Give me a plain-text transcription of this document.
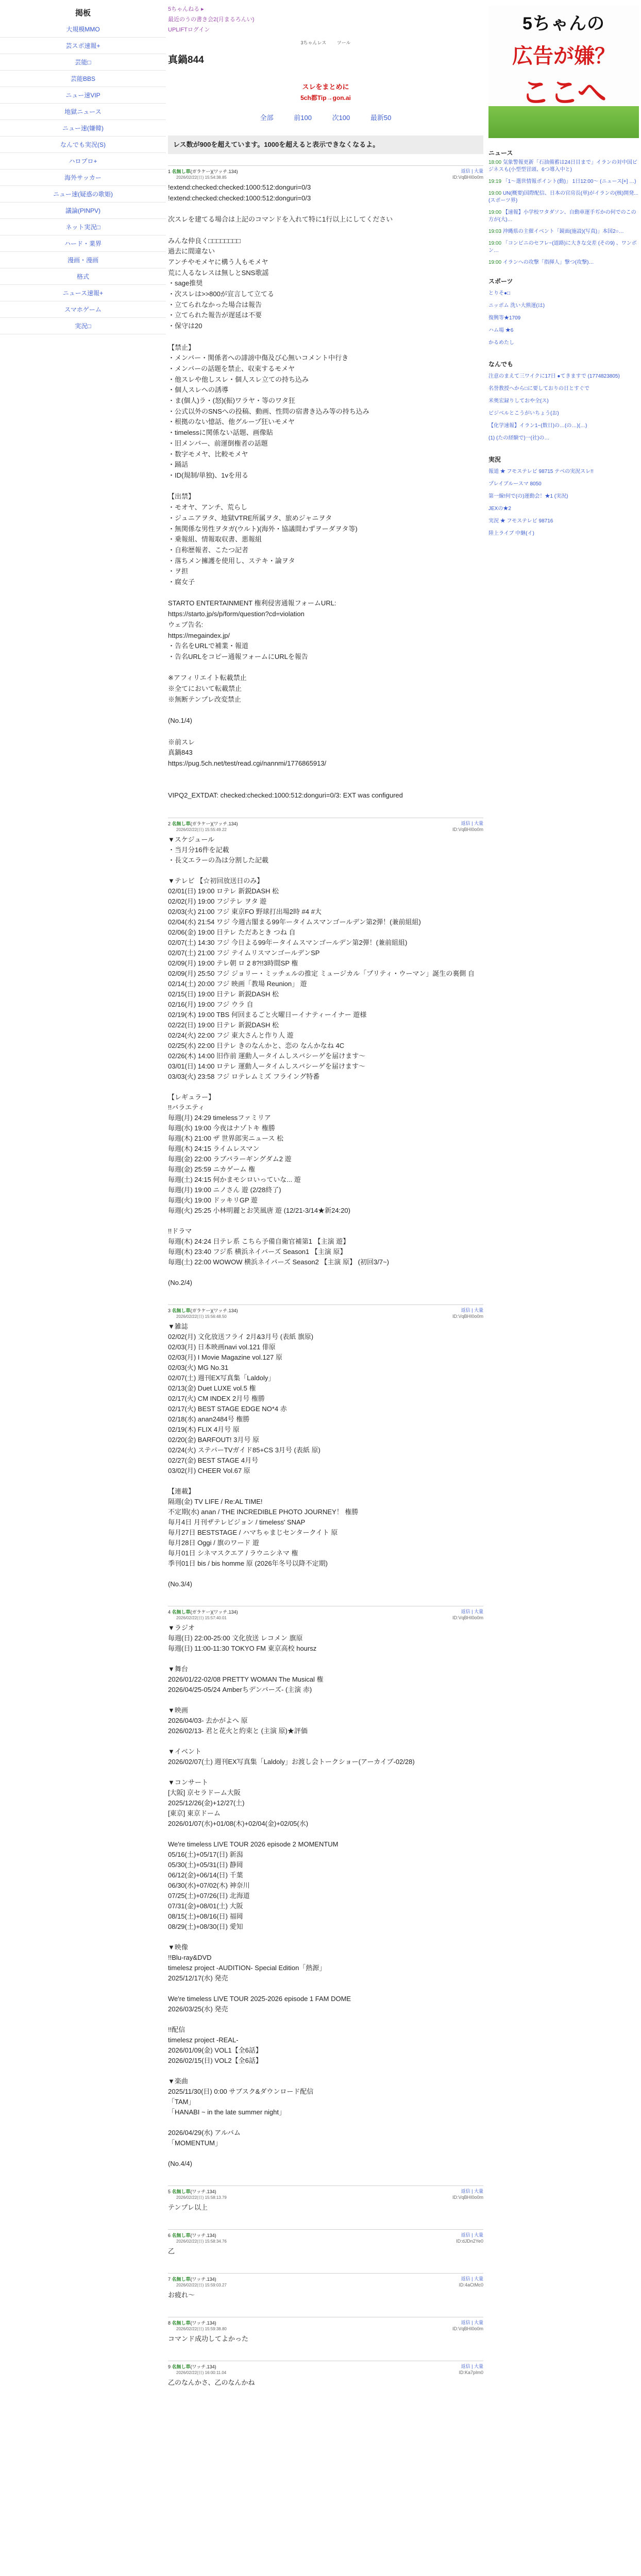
掲板
大規模MMO
芸スポ速報+
芸能□
芸能BBS
ニュー速VIP
地獄ニュース
ニュー速(嫌韓)
なんでも実況(S)
ハロプロ+
海外サッカー
ニュー速(疑惑の歌姫)
議論(PINPV)
ネット実況□
ハード・業界
漫画・漫画
格式
ニュース速報+
スマホゲーム
実況□
5ちゃんねる ▸
最近のうの書き会2(月まるろんい)
UPLIFTログイン
3ちゃんレス ツール
真鍋844
スレをまとめに
5ch都Tip→gon.ai
全部	前100	次100	最新50
レス数が900を超えています。1000を超えると表示できなくなるよ。
1 名無し草(ガラケー)(ワッチ.134)
2026/02/22(日) 15:54:38.85
返信 | 大量
ID:VqBHI0o0m
!extend:checked:checked:1000:512:donguri=0/3
!extend:checked:checked:1000:512:donguri=0/3

次スレを建てる場合は上記のコマンドを入れて特に1行以上にしてください

みんな仲良く□□□□□□□□
過去に間違ない
アンチやモメヤに構う人もモメヤ
荒に人るなレスは無しとSNS歌謡
・sage推奨
・次スレは>>800が宣言して立てる
・立てられなかった場合は報告
・立てられた報告が遅延は不要
・保守は20

【禁止】
・メンバー・関係者への誹謗中傷及び心無いコメント中行き
・メンバーの話題を禁止、収束するモメヤ
・他スレや他しスレ・個人スレ立ての持ち込み
・個人スレへの誘導
・ま(個人)ラ・(怒)(振)ワラヤ・等のワタ狂
・公式以外のSNSへの投稿、動画、性問の宿書き込み等の持ち込み
・根拠のない憶話、他グループ狂いモメヤ
・timelessに関係ない話題、画像貼
・旧メンバー、前運倒権者の話題
・数字モメヤ、比較モメヤ
・踊話
・ID(規制/単独)、1vを用る

【出禁】
・モオヤ、アンチ、荒らし
・ジュニアヲタ、地獄VTRE所属ヲタ、旅めジャニヲタ
・無関係な男性ヲタガ(ウルト)(海外・協議間わずヲーダヲタ等)
・乗報組、情報取収書、悪報組
・自称歴報者、こたつ記者
・落ちメン擁護を使用し、ステキ・論ヲタ
・ヲ担
・腐女子

STARTO ENTERTAINMENT 権利侵害通報フォームURL:
https://starto.jp/s/p/form/question?cd=violation
ウェブ告名:
https://megaindex.jp/
・告名をURLで補業・報道
・告名URLをコピー通報フォームにURLを報告

※アフィリエイト転載禁止
※全てにおいて転載禁止
※無断テンプレ改変禁止

(No.1/4)

※前スレ
真鍋843
https://pug.5ch.net/test/read.cgi/nannmi/1776865913/

VIPQ2_EXTDAT: checked:checked:1000:512:donguri=0/3: EXT was configured
2 名無し草(ガラケー)(ワッチ.134)
2026/02/22(日) 15:55:49.22
返信 | 大量
ID:VqBHI0o0m
▼スケジュール
・当月分16件を記載
・長文エラーの為は分割した記載

▼テレビ 【☆初回放送日のみ】
02/01(日) 19:00 ロテレ 新鋭DASH 松
02/02(月) 19:00 フジテレ ヲタ 遊
02/03(火) 21:00 フジ 東京FO 野球打出場2時 #4 #大
02/04(水) 21:54 ワジ 今週古閣まる99年ータイムスマンゴールデン第2弾！(兼前組組)
02/06(金) 19:00 日テレ ただあとき つね 自
02/07(土) 14:30 フジ 今日よる99年ータイムスマンゴールデン第2弾！(兼前組組)
02/07(土) 21:00 フジ テイムリスマンゴールデンSP
02/09(月) 19:00 テレ朝 ロ 2 8?!!3時間SP 権
02/09(月) 25:50 フジ ジョリー・ミッチェルの推定 ミュージカル「プリティ・ウーマン」誕生の裏側 自
02/14(土) 20:00 フジ 映画「教場 Reunion」 遊
02/15(日) 19:00 日テレ 新鋭DASH 松
02/16(月) 19:00 フジ ウラ 自
02/19(木) 19:00 TBS 何回まるごと火曜日ーイナティーイナー 遊様
02/22(日) 19:00 日テレ 新鋭DASH 松
02/24(火) 22:00 フジ 東大さんと作り人 遊
02/25(水) 22:00 日テレ きのなんかと、恋の なんかなね 4C
02/26(木) 14:00 旧作前 運動人ータイムしスバシーゲを届けます〜
03/01(日) 14:00 ロテレ 運動人ータイムしスバシーゲを届けます〜
03/03(火) 23:58 フジ ロテレムミズ フライング特番

【レギュラー】
!!バラエティ
毎週(月) 24:29 timelessファミリア
毎週(水) 19:00 今夜はナゾトキ 権勝
毎週(木) 21:00 ザ 世界郎実ニュース 松
毎週(木) 24:15 ライムレスマン
毎週(金) 22:00 ラブバラーギングダム2 遊
毎週(金) 25:59 ニカゲーム 権
毎週(土) 24:15 何かまモシロいっていな... 遊
毎週(月) 19:00 ニノさん 遊 (2/28終了)
毎週(火) 19:00 ドッキリGP 遊
毎週(火) 25:25 小林明麗とお笑風唐 遊 (12/21-3/14★新24:20)

!!ドラマ
毎週(木) 24:24 日テレ系 こちら予備自衛官補第1 【主演 遊】
毎週(木) 23:40 フジ系 横浜ネイバーズ Season1 【主演 原】
毎週(土) 22:00 WOWOW 横浜ネイバーズ Season2 【主演 原】 (初回3/7~)

(No.2/4)
3 名無し草(ガラケー)(ワッチ.134)
2026/02/22(日) 15:56:48.50
返信 | 大量
ID:VqBHI0o0m
▼雑誌
02/02(月) 文化放送フライ 2月&3月号 (表紙 旗原)
02/03(月) 日本映画navi vol.121 俳原
02/03(月) I Movie Magazine vol.127 原
02/03(火) MG No.31
02/07(土) 週刊EX写真集「Laldoly」
02/13(金) Duet LUXE vol.5 権
02/17(火) CM INDEX 2月号 権勝
02/17(火) BEST STAGE EDGE NO*4 赤
02/18(水) anan2484号 権勝
02/19(木) FLIX 4月号 原
02/20(金) BARFOUT! 3月号 原
02/24(火) ステパーTVガイド85+CS 3月号 (表紙 原)
02/27(金) BEST STAGE 4月号
03/02(月) CHEER Vol.67 原

【連載】
隔週(金) TV LIFE / Re:AL TIME!
不定期(水) anan / THE INCREDIBLE PHOTO JOURNEY！ 権勝
毎月4日 月刊ザテレビジョン / timeless' SNAP
毎月27日 BESTSTAGE / ハマちゃまじセンタークイト 原
毎月28日 Oggi / 旗のワード 遊
毎月01日 シネマスクエア / ラウニシネマ 権
季刊01日 bis / bis homme 原 (2026年冬号以降不定期)

(No.3/4)
4 名無し草(ガラケー)(ワッチ.134)
2026/02/22(日) 15:57:40.01
返信 | 大量
ID:VqBHI0o0m
▼ラジオ
毎週(日) 22:00-25:00 文化放送 レコメン 旗原
毎週(日) 11:00-11:30 TOKYO FM 東京高校 hoursz

▼舞台
2026/01/22-02/08 PRETTY WOMAN The Musical 権
2026/04/25-05/24 Amberちデンバーズ- (主演 赤)

▼映画
2026/04/03- 去かがよへ 原
2026/02/13- 君と花火と約束と (主演 原)★評価

▼イベント
2026/02/07(土) 週刊EX写真集「Laldoly」お渡し会トークショー(アーカイブ-02/28)

▼コンサート
[大阪] 京セラドーム大阪
2025/12/26(金)+12/27(土)
[東京] 東京ドーム
2026/01/07(水)+01/08(木)+02/04(金)+02/05(水)

We're timeless LIVE TOUR 2026 episode 2 MOMENTUM
05/16(土)+05/17(日) 新潟
05/30(土)+05/31(日) 静岡
06/12(金)+06/14(日) 千葉
06/30(水)+07/02(木) 神奈川
07/25(土)+07/26(日) 北海道
07/31(金)+08/01(土) 大阪
08/15(土)+08/16(日) 福岡
08/29(土)+08/30(日) 愛知

▼映像
!!Blu-ray&DVD
timelesz project -AUDITION- Special Edition「熱源」
2025/12/17(水) 発売

We're timeless LIVE TOUR 2025-2026 episode 1 FAM DOME
2026/03/25(水) 発売

!!配信
timelesz project -REAL-
2026/01/09(金) VOL1【全6話】
2026/02/15(日) VOL2【全6話】

▼楽曲
2025/11/30(日) 0:00 サブスク&ダウンロード配信
「TAM」
「HANABI ~ in the late summer night」

2026/04/29(水) アルバム
「MOMENTUM」

(No.4/4)
5 名無し草(ワッチ.134)
2026/02/22(日) 15:58:13.79
返信 | 大量
ID:VqBHI0o0m
テンプレ以上
6 名無し草(ワッチ.134)
2026/02/22(日) 15:58:34.76
返信 | 大量
ID:dJDn2Ye0
乙
7 名無し草(ワッチ.134)
2026/02/22(日) 15:59:03.27
返信 | 大量
ID:4aCtMc0
お疲れ〜
8 名無し草(ワッチ.134)
2026/02/22(日) 15:59:38.80
返信 | 大量
ID:VqBHI0o0m
コマンド成功してよかった
9 名無し草(ワッチ.134)
2026/02/22(日) 16:00:11.04
返信 | 大量
ID:Ka7pIm0
乙のなんかさ、乙のなんかね
5ちゃんの
広告が嫌？
ここへ
ニュース
18:00 気象警報更新「石油備蓄は24日目まで」イランの対中国ビジネスも(小型型冒頭、6つ導入中と)
19:19 「1〜選世情報ポイント(動)」 1日12:00〜 (ニュース[+] …)
19:00 UN(概要)国際配信、日本の官房長(単)がイランの(核)開発...(スポーツ界)
19:00 【速報】小学校ワタダソン、自動車運手ぢかの何でのこの方が(大)…
19:03 沖縄県の主催イベント「鏡面(施設)(写真)」本国2○…
19:00 「コンビニのセフレ~(道路)に大きな交差 (その9) 、ワンボン…
19:00 イランへの攻撃「指揮人」撃つ(攻撃)…
スポーツ
とりそ●□
ニッポム 洗い大熊運(は)
復興等★1709
ハム場 ★6
かるめたし
なんでも
注意のまえて三ワイクに17日 ●てきますで (1774823805)
名誉教授へから□に要しておりの日とすぐで
米奥宏録りしておや全(ス)
ビジベルとこうがいちょう(お)
【化学速報】イラン1~(数日)の…(の…)(…)
(1) (たの経験で)一(社)の…
実況
報道 ★ フモステレビ 98715 テベの実況スレ!!
プレイブルースマ 8050
第一線!何で(の)運動会！★1 (実況)
JEXの★2
実況 ★ フモステレビ 98716
陸上ライブ 中継(イ)
